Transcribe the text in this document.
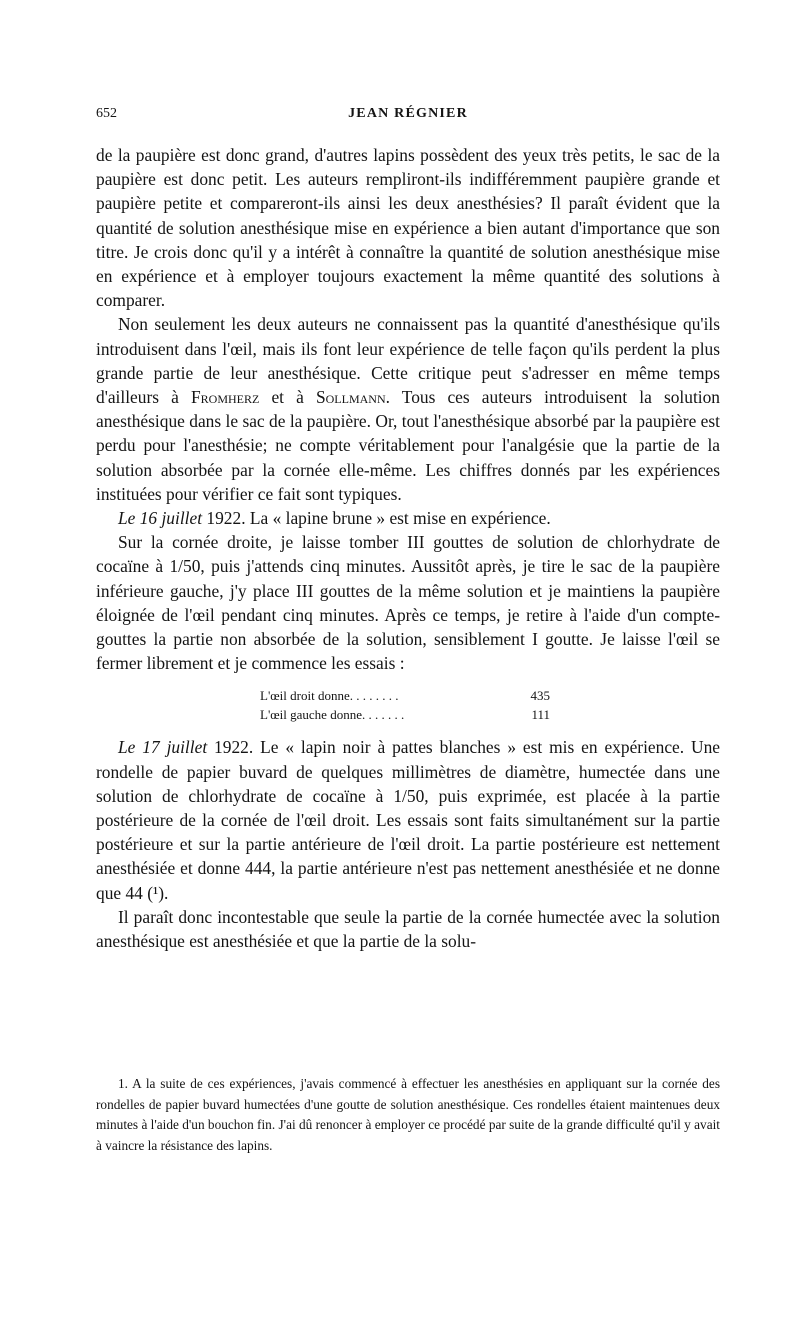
652	JEAN RÉGNIER

de la paupière est donc grand, d'autres lapins possèdent des yeux très petits, le sac de la paupière est donc petit. Les auteurs rempliront-ils indifféremment paupière grande et paupière petite et compareront-ils ainsi les deux anesthésies? Il paraît évident que la quantité de solution anesthésique mise en expérience a bien autant d'importance que son titre. Je crois donc qu'il y a intérêt à connaître la quantité de solution anesthésique mise en expérience et à employer toujours exactement la même quantité des solutions à comparer.

Non seulement les deux auteurs ne connaissent pas la quantité d'anesthésique qu'ils introduisent dans l'œil, mais ils font leur expérience de telle façon qu'ils perdent la plus grande partie de leur anesthésique. Cette critique peut s'adresser en même temps d'ailleurs à Fromherz et à Sollmann. Tous ces auteurs introduisent la solution anesthésique dans le sac de la paupière. Or, tout l'anesthésique absorbé par la paupière est perdu pour l'anesthésie; ne compte véritablement pour l'analgésie que la partie de la solution absorbée par la cornée elle-même. Les chiffres donnés par les expériences instituées pour vérifier ce fait sont typiques.

Le 16 juillet 1922. La « lapine brune » est mise en expérience.

Sur la cornée droite, je laisse tomber III gouttes de solution de chlorhydrate de cocaïne à 1/50, puis j'attends cinq minutes. Aussitôt après, je tire le sac de la paupière inférieure gauche, j'y place III gouttes de la même solution et je maintiens la paupière éloignée de l'œil pendant cinq minutes. Après ce temps, je retire à l'aide d'un compte-gouttes la partie non absorbée de la solution, sensiblement I goutte. Je laisse l'œil se fermer librement et je commence les essais :

L'œil droit donne. . . . . . . .	435
L'œil gauche donne. . . . . . .	111

Le 17 juillet 1922. Le « lapin noir à pattes blanches » est mis en expérience. Une rondelle de papier buvard de quelques millimètres de diamètre, humectée dans une solution de chlorhydrate de cocaïne à 1/50, puis exprimée, est placée à la partie postérieure de la cornée de l'œil droit. Les essais sont faits simultanément sur la partie postérieure et sur la partie antérieure de l'œil droit. La partie postérieure est nettement anesthésiée et donne 444, la partie antérieure n'est pas nettement anesthésiée et ne donne que 44 (¹).

Il paraît donc incontestable que seule la partie de la cornée humectée avec la solution anesthésique est anesthésiée et que la partie de la solu-

1. A la suite de ces expériences, j'avais commencé à effectuer les anesthésies en appliquant sur la cornée des rondelles de papier buvard humectées d'une goutte de solution anesthésique. Ces rondelles étaient maintenues deux minutes à l'aide d'un bouchon fin. J'ai dû renoncer à employer ce procédé par suite de la grande difficulté qu'il y avait à vaincre la résistance des lapins.
